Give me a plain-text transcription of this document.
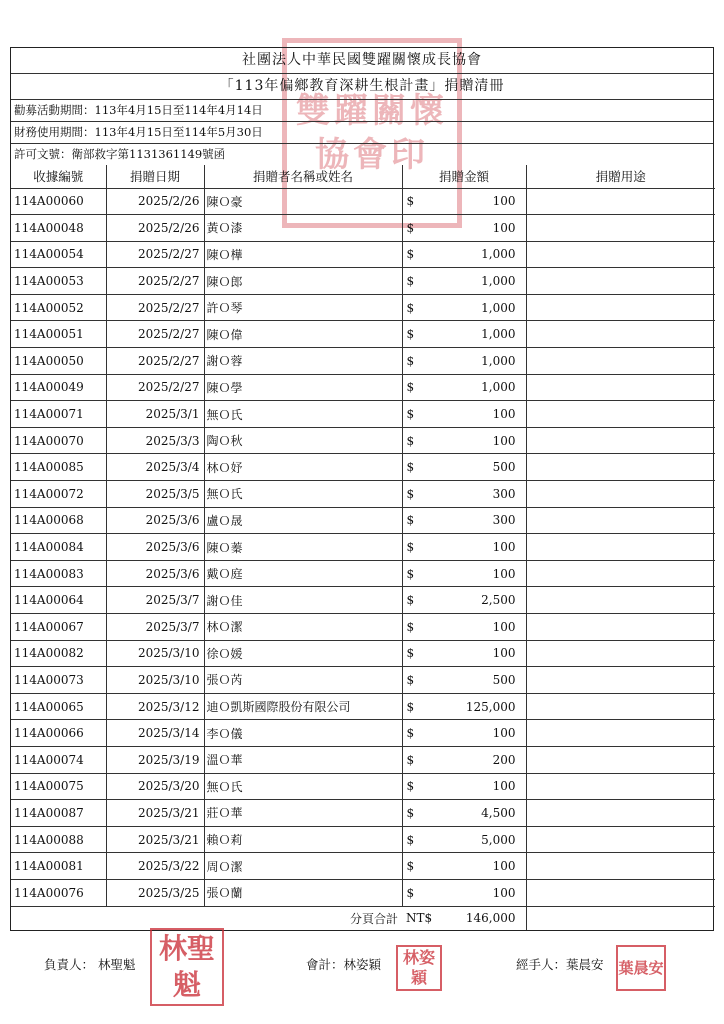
雙躍關懷協會印
社團法人中華民國雙躍關懷成長協會
「113年偏鄉教育深耕生根計畫」捐贈清冊
勸募活動期間：113年4月15日至114年4月14日
財務使用期間：113年4月15日至114年5月30日
許可文號：衛部救字第1131361149號函
收據編號	捐贈日期	捐贈者名稱或姓名	捐贈金額	捐贈用途
114A00060	2025/2/26	陳Ｏ豪	$ 100	

114A00048	2025/2/26	黃Ｏ漆	$ 100	

114A00054	2025/2/27	陳Ｏ樺	$ 1,000	

114A00053	2025/2/27	陳Ｏ郎	$ 1,000	

114A00052	2025/2/27	許Ｏ琴	$ 1,000	

114A00051	2025/2/27	陳Ｏ偉	$ 1,000	

114A00050	2025/2/27	謝Ｏ蓉	$ 1,000	

114A00049	2025/2/27	陳Ｏ學	$ 1,000	

114A00071	2025/3/1	無Ｏ氏	$ 100	

114A00070	2025/3/3	陶Ｏ秋	$ 100	

114A00085	2025/3/4	林Ｏ妤	$ 500	

114A00072	2025/3/5	無Ｏ氏	$ 300	

114A00068	2025/3/6	盧Ｏ晟	$ 300	

114A00084	2025/3/6	陳Ｏ蓁	$ 100	

114A00083	2025/3/6	戴Ｏ庭	$ 100	

114A00064	2025/3/7	謝Ｏ佳	$ 2,500	

114A00067	2025/3/7	林Ｏ潔	$ 100	

114A00082	2025/3/10	徐Ｏ媛	$ 100	

114A00073	2025/3/10	張Ｏ芮	$ 500	

114A00065	2025/3/12	迪Ｏ凱斯國際股份有限公司	$ 125,000	

114A00066	2025/3/14	李Ｏ儀	$ 100	

114A00074	2025/3/19	溫Ｏ華	$ 200	

114A00075	2025/3/20	無Ｏ氏	$ 100	

114A00087	2025/3/21	莊Ｏ華	$ 4,500	

114A00088	2025/3/21	賴Ｏ莉	$ 5,000	

114A00081	2025/3/22	周Ｏ潔	$ 100	

114A00076	2025/3/25	張Ｏ蘭	$ 100	

分頁合計			NT$ 146,000	

負責人： 林聖魁	會計：林姿穎	經手人：葉晨安
林聖魁
林姿穎	葉晨安
